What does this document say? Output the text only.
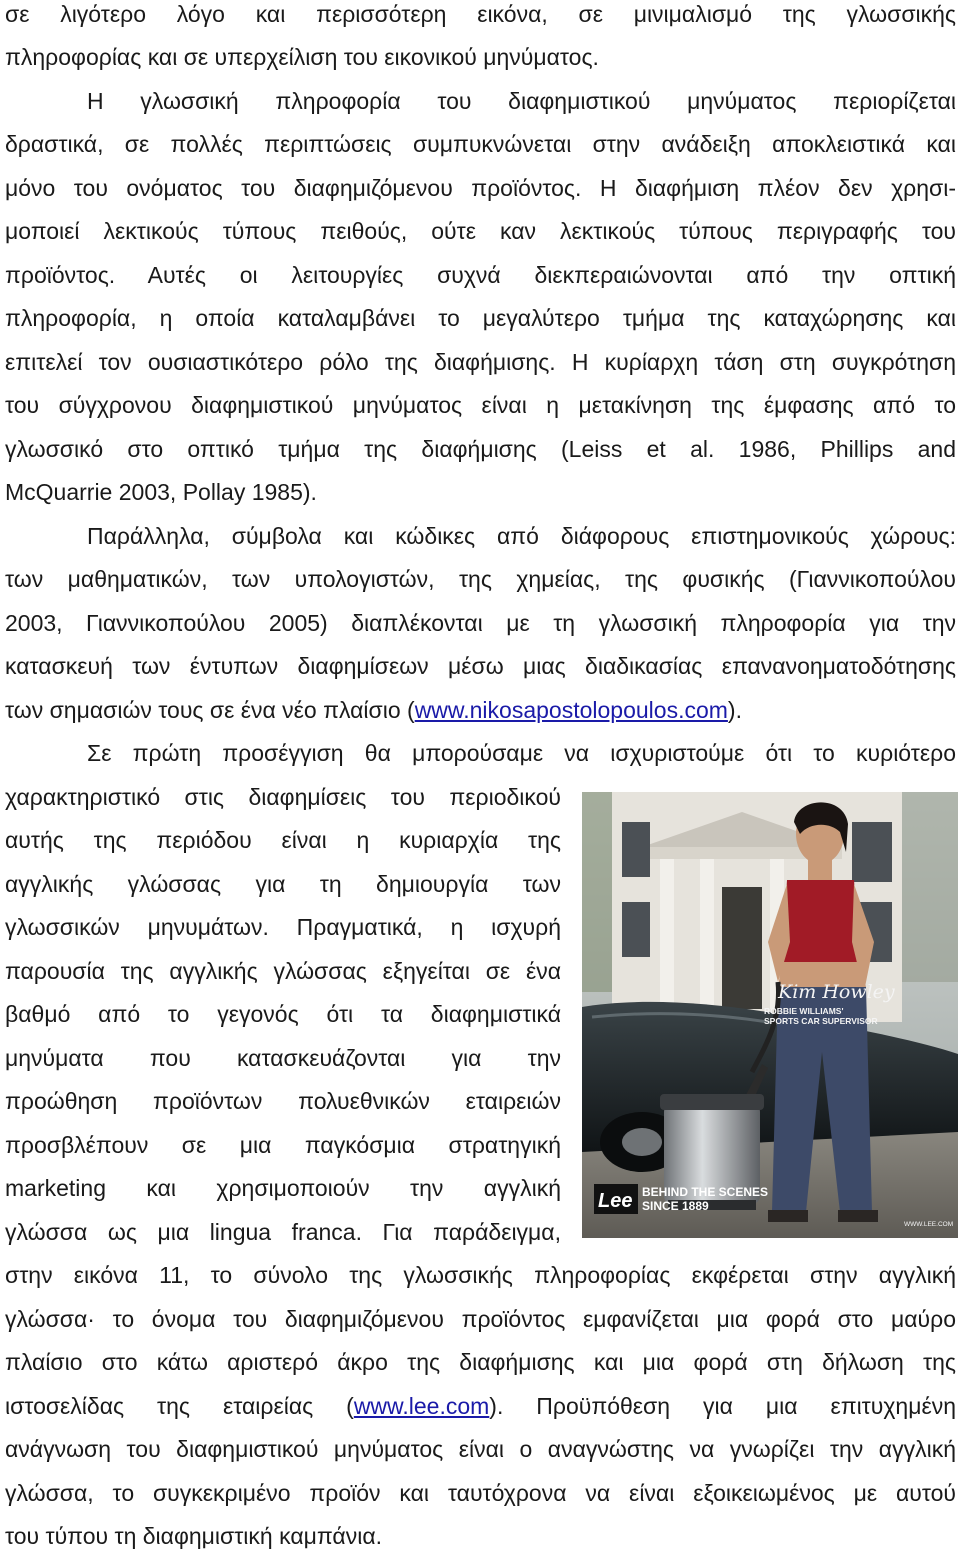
σε λιγότερο λόγο και περισσότερη εικόνα, σε μινιμαλισμό της γλωσσικής
πληροφορίας και σε υπερχείλιση του εικονικού μηνύματος.
Η γλωσσική πληροφορία του διαφημιστικού μηνύματος περιορίζεται
δραστικά, σε πολλές περιπτώσεις συμπυκνώνεται στην ανάδειξη αποκλειστικά και
μόνο του ονόματος του διαφημιζόμενου προϊόντος. Η διαφήμιση πλέον δεν χρησι-
μοποιεί λεκτικούς τύπους πειθούς, ούτε καν λεκτικούς τύπους περιγραφής του
προϊόντος. Αυτές οι λειτουργίες συχνά διεκπεραιώνονται από την οπτική
πληροφορία, η οποία καταλαμβάνει το μεγαλύτερο τμήμα της καταχώρησης και
επιτελεί τον ουσιαστικότερο ρόλο της διαφήμισης. Η κυρίαρχη τάση στη συγκρότηση
του σύγχρονου διαφημιστικού μηνύματος είναι η μετακίνηση της έμφασης από το
γλωσσικό στο οπτικό τμήμα της διαφήμισης (Leiss et al. 1986, Phillips and
McQuarrie 2003, Pollay 1985).
Παράλληλα, σύμβολα και κώδικες από διάφορους επιστημονικούς χώρους:
των μαθηματικών, των υπολογιστών, της χημείας, της φυσικής (Γιαννικοπούλου
2003, Γιαννικοπούλου 2005) διαπλέκονται με τη γλωσσική πληροφορία για την
κατασκευή των έντυπων διαφημίσεων μέσω μιας διαδικασίας επανανοηματοδότησης
των σημασιών τους σε ένα νέο πλαίσιο (www.nikosapostolopoulos.com).
Σε πρώτη προσέγγιση θα μπορούσαμε να ισχυριστούμε ότι το κυριότερο
χαρακτηριστικό στις διαφημίσεις του περιοδικού
αυτής της περιόδου είναι η κυριαρχία της
αγγλικής γλώσσας για τη δημιουργία των
γλωσσικών μηνυμάτων. Πραγματικά, η ισχυρή
παρουσία της αγγλικής γλώσσας εξηγείται σε ένα
βαθμό από το γεγονός ότι τα διαφημιστικά
μηνύματα που κατασκευάζονται για την
προώθηση προϊόντων πολυεθνικών εταιρειών
προσβλέπουν σε μια παγκόσμια στρατηγική
marketing και χρησιμοποιούν την αγγλική
γλώσσα ως μια lingua franca. Για παράδειγμα,
στην εικόνα 11, το σύνολο της γλωσσικής πληροφορίας εκφέρεται στην αγγλική
γλώσσα· το όνομα του διαφημιζόμενου προϊόντος εμφανίζεται μια φορά στο μαύρο
πλαίσιο στο κάτω αριστερό άκρο της διαφήμισης και μια φορά στη δήλωση της
ιστοσελίδας της εταιρείας (www.lee.com). Προϋπόθεση για μια επιτυχημένη
ανάγνωση του διαφημιστικού μηνύματος είναι ο αναγνώστης να γνωρίζει την αγγλική
γλώσσα, το συγκεκριμένο προϊόν και ταυτόχρονα να είναι εξοικειωμένος με αυτού
του τύπου τη διαφημιστική καμπάνια.
Kim Howley
ROBBIE WILLIAMS'
SPORTS CAR SUPERVISOR
Lee BEHIND THE SCENES
SINCE 1889
WWW.LEE.COM
